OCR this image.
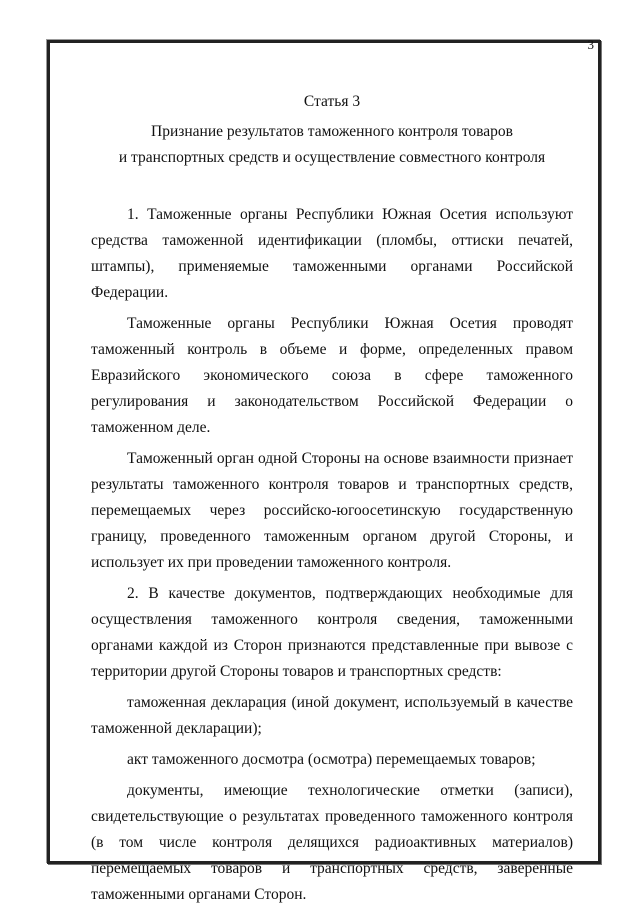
3

Статья 3

Признание результатов таможенного контроля товаров

и транспортных средств и осуществление совместного контроля

1. Таможенные органы Республики Южная Осетия используют средства таможенной идентификации (пломбы, оттиски печатей, штампы), применяемые таможенными органами Российской Федерации.

Таможенные органы Республики Южная Осетия проводят таможенный контроль в объеме и форме, определенных правом Евразийского экономического союза в сфере таможенного регулирования и законодательством Российской Федерации о таможенном деле.

Таможенный орган одной Стороны на основе взаимности признает результаты таможенного контроля товаров и транспортных средств, перемещаемых через российско-югоосетинскую государственную границу, проведенного таможенным органом другой Стороны, и использует их при проведении таможенного контроля.

2. В качестве документов, подтверждающих необходимые для осуществления таможенного контроля сведения, таможенными органами каждой из Сторон признаются представленные при вывозе с территории другой Стороны товаров и транспортных средств:

таможенная декларация (иной документ, используемый в качестве таможенной декларации);

акт таможенного досмотра (осмотра) перемещаемых товаров;

документы, имеющие технологические отметки (записи), свидетельствующие о результатах проведенного таможенного контроля (в том числе контроля делящихся радиоактивных материалов) перемещаемых товаров и транспортных средств, заверенные таможенными органами Сторон.
